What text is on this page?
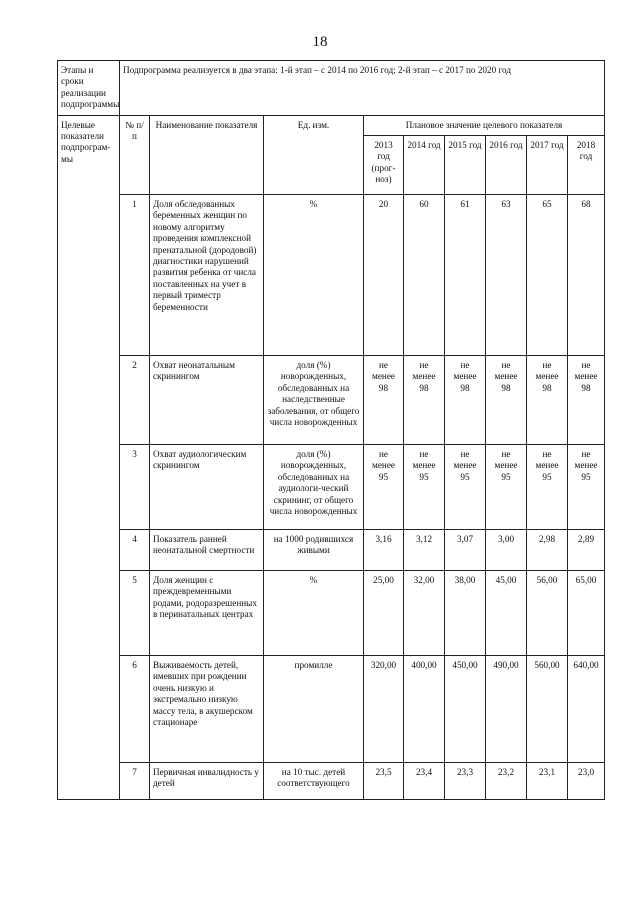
18
Этапы и сроки реализации подпрограммы	Подпрограмма реализуется в два этапа: 1-й этап – с 2014 по 2016 год; 2-й этап – с 2017 по 2020 год								
Целевые показатели подпрограм-мы	№ п/п	Наименование показателя	Ед. изм.	Плановое значение целевого показателя					
				2013 год (прог-ноз)	2014 год	2015 год	2016 год	2017 год	2018 год
	1	Доля обследованных беременных женщин по новому алгоритму проведения комплексной пренатальной (дородовой) диагностики нарушений развития ребенка от числа поставленных на учет в первый триместр беременности	%	20	60	61	63	65	68
	2	Охват неонатальным скринингом	доля (%) новорожденных, обследованных на наследственные заболевания, от общего числа новорожденных	не менее 98	не менее 98	не менее 98	не менее 98	не менее 98	не менее 98
	3	Охват аудиологическим скринингом	доля (%) новорожденных, обследованных на аудиологи-ческий скрининг, от общего числа новорожденных	не менее 95	не менее 95	не менее 95	не менее 95	не менее 95	не менее 95
	4	Показатель ранней неонатальной смертности	на 1000 родившихся живыми	3,16	3,12	3,07	3,00	2,98	2,89
	5	Доля женщин с преждевременными родами, родоразрешенных в перинатальных центрах	%	25,00	32,00	38,00	45,00	56,00	65,00
	6	Выживаемость детей, имевших при рождении очень низкую и экстремально низкую массу тела, в акушерском стационаре	промилле	320,00	400,00	450,00	490,00	560,00	640,00
	7	Первичная инвалидность у детей	на 10 тыс. детей соответствующего	23,5	23,4	23,3	23,2	23,1	23,0
